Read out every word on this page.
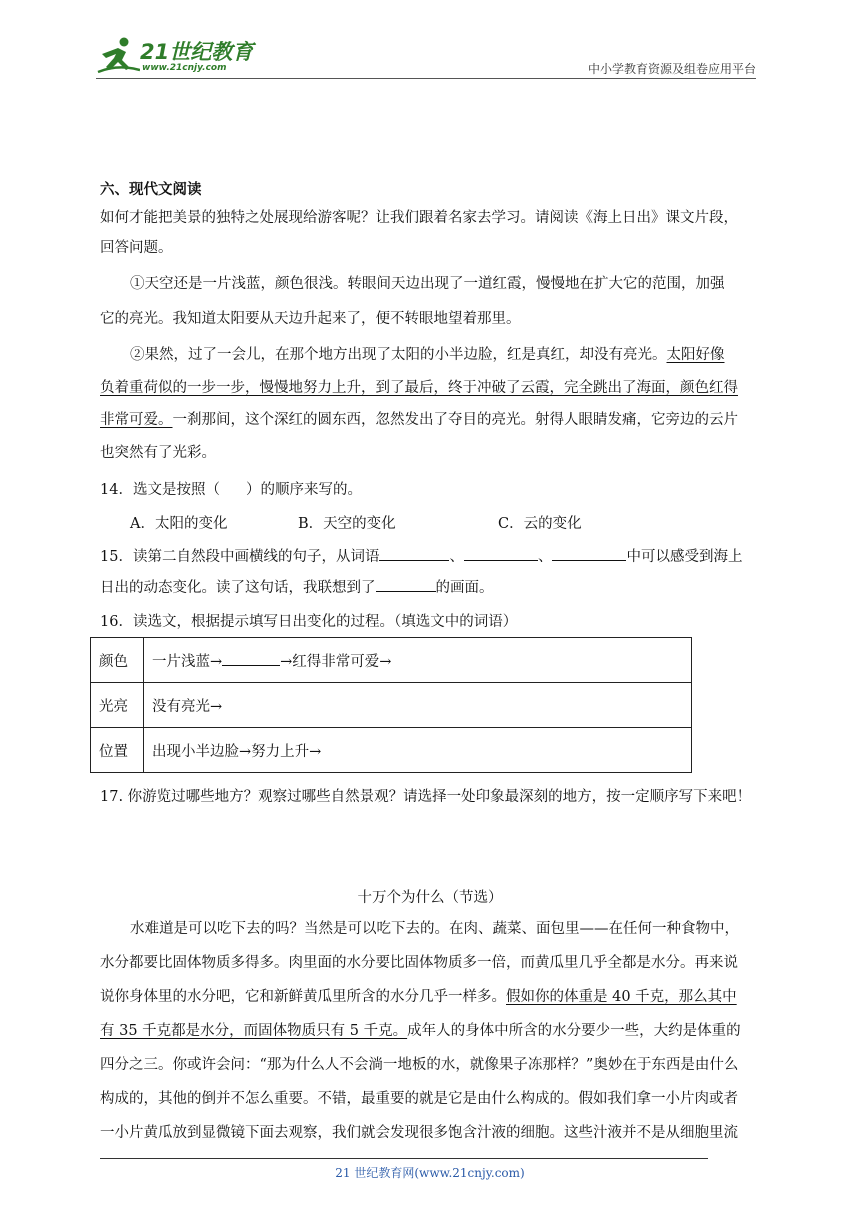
21世纪教育
www.21cnjy.com	中小学教育资源及组卷应用平台
六、现代文阅读
如何才能把美景的独特之处展现给游客呢？让我们跟着名家去学习。请阅读《海上日出》课文片段，
回答问题。
①天空还是一片浅蓝，颜色很浅。转眼间天边出现了一道红霞，慢慢地在扩大它的范围，加强
它的亮光。我知道太阳要从天边升起来了，便不转眼地望着那里。
②果然，过了一会儿，在那个地方出现了太阳的小半边脸，红是真红，却没有亮光。太阳好像
负着重荷似的一步一步，慢慢地努力上升，到了最后，终于冲破了云霞，完全跳出了海面，颜色红得
非常可爱。一刹那间，这个深红的圆东西，忽然发出了夺目的亮光。射得人眼睛发痛，它旁边的云片
也突然有了光彩。
14．选文是按照（ ）的顺序来写的。
A．太阳的变化	B．天空的变化	C．云的变化
15．读第二自然段中画横线的句子，从词语	、	、	中可以感受到海上
日出的动态变化。读了这句话，我联想到了	的画面。
16．读选文，根据提示填写日出变化的过程。（填选文中的词语）
颜色	一片浅蓝→ →红得非常可爱→
光亮	没有亮光→
位置	出现小半边脸→努力上升→
17. 你游览过哪些地方？观察过哪些自然景观？请选择一处印象最深刻的地方，按一定顺序写下来吧！
十万个为什么（节选）
水难道是可以吃下去的吗？当然是可以吃下去的。在肉、蔬菜、面包里——在任何一种食物中，
水分都要比固体物质多得多。肉里面的水分要比固体物质多一倍，而黄瓜里几乎全都是水分。再来说
说你身体里的水分吧，它和新鲜黄瓜里所含的水分几乎一样多。假如你的体重是 40 千克，那么其中
有 35 千克都是水分，而固体物质只有 5 千克。成年人的身体中所含的水分要少一些，大约是体重的
四分之三。你或许会问：“那为什么人不会淌一地板的水，就像果子冻那样？”奥妙在于东西是由什么
构成的，其他的倒并不怎么重要。不错，最重要的就是它是由什么构成的。假如我们拿一小片肉或者
一小片黄瓜放到显微镜下面去观察，我们就会发现很多饱含汁液的细胞。这些汁液并不是从细胞里流
21 世纪教育网(www.21cnjy.com)
